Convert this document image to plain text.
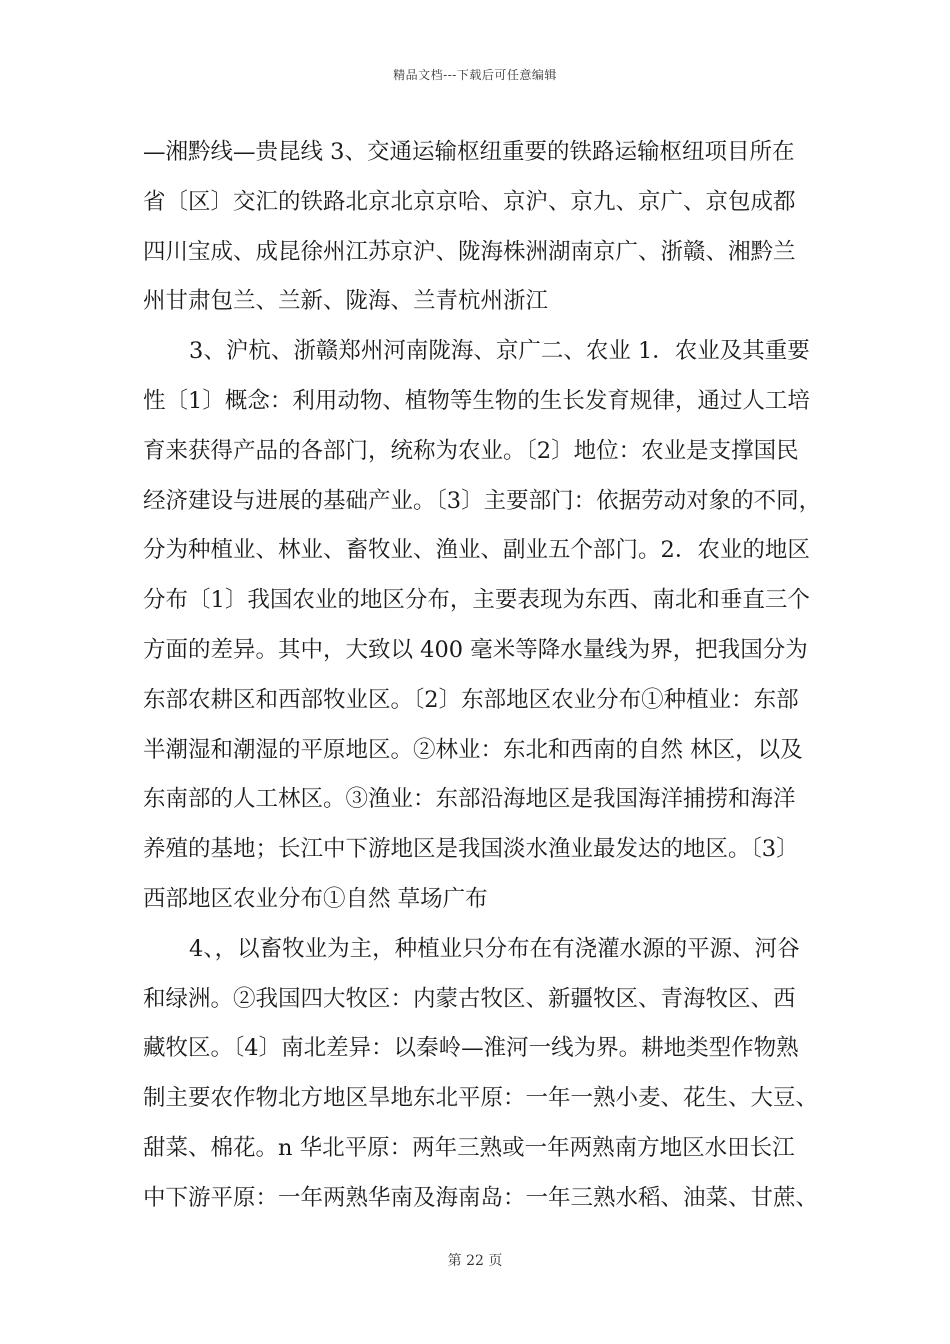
精品文档---下载后可任意编辑
—湘黔线—贵昆线 3、交通运输枢纽重要的铁路运输枢纽项目所在
省〔区〕交汇的铁路北京北京京哈、京沪、京九、京广、京包成都
四川宝成、成昆徐州江苏京沪、陇海株洲湖南京广、浙赣、湘黔兰
州甘肃包兰、兰新、陇海、兰青杭州浙江
3、沪杭、浙赣郑州河南陇海、京广二、农业 1．农业及其重要
性〔1〕概念：利用动物、植物等生物的生长发育规律，通过人工培
育来获得产品的各部门，统称为农业。〔2〕地位：农业是支撑国民
经济建设与进展的基础产业。〔3〕主要部门：依据劳动对象的不同，
分为种植业、林业、畜牧业、渔业、副业五个部门。2．农业的地区
分布〔1〕我国农业的地区分布，主要表现为东西、南北和垂直三个
方面的差异。其中，大致以 400 毫米等降水量线为界，把我国分为
东部农耕区和西部牧业区。〔2〕东部地区农业分布①种植业：东部
半潮湿和潮湿的平原地区。②林业：东北和西南的自然 林区，以及
东南部的人工林区。③渔业：东部沿海地区是我国海洋捕捞和海洋
养殖的基地；长江中下游地区是我国淡水渔业最发达的地区。〔3〕
西部地区农业分布①自然 草场广布
4、，以畜牧业为主，种植业只分布在有浇灌水源的平源、河谷
和绿洲。②我国四大牧区：内蒙古牧区、新疆牧区、青海牧区、西
藏牧区。〔4〕南北差异：以秦岭—淮河一线为界。耕地类型作物熟
制主要农作物北方地区旱地东北平原：一年一熟小麦、花生、大豆、
甜菜、棉花。n 华北平原：两年三熟或一年两熟南方地区水田长江
中下游平原：一年两熟华南及海南岛：一年三熟水稻、油菜、甘蔗、
第 22 页
